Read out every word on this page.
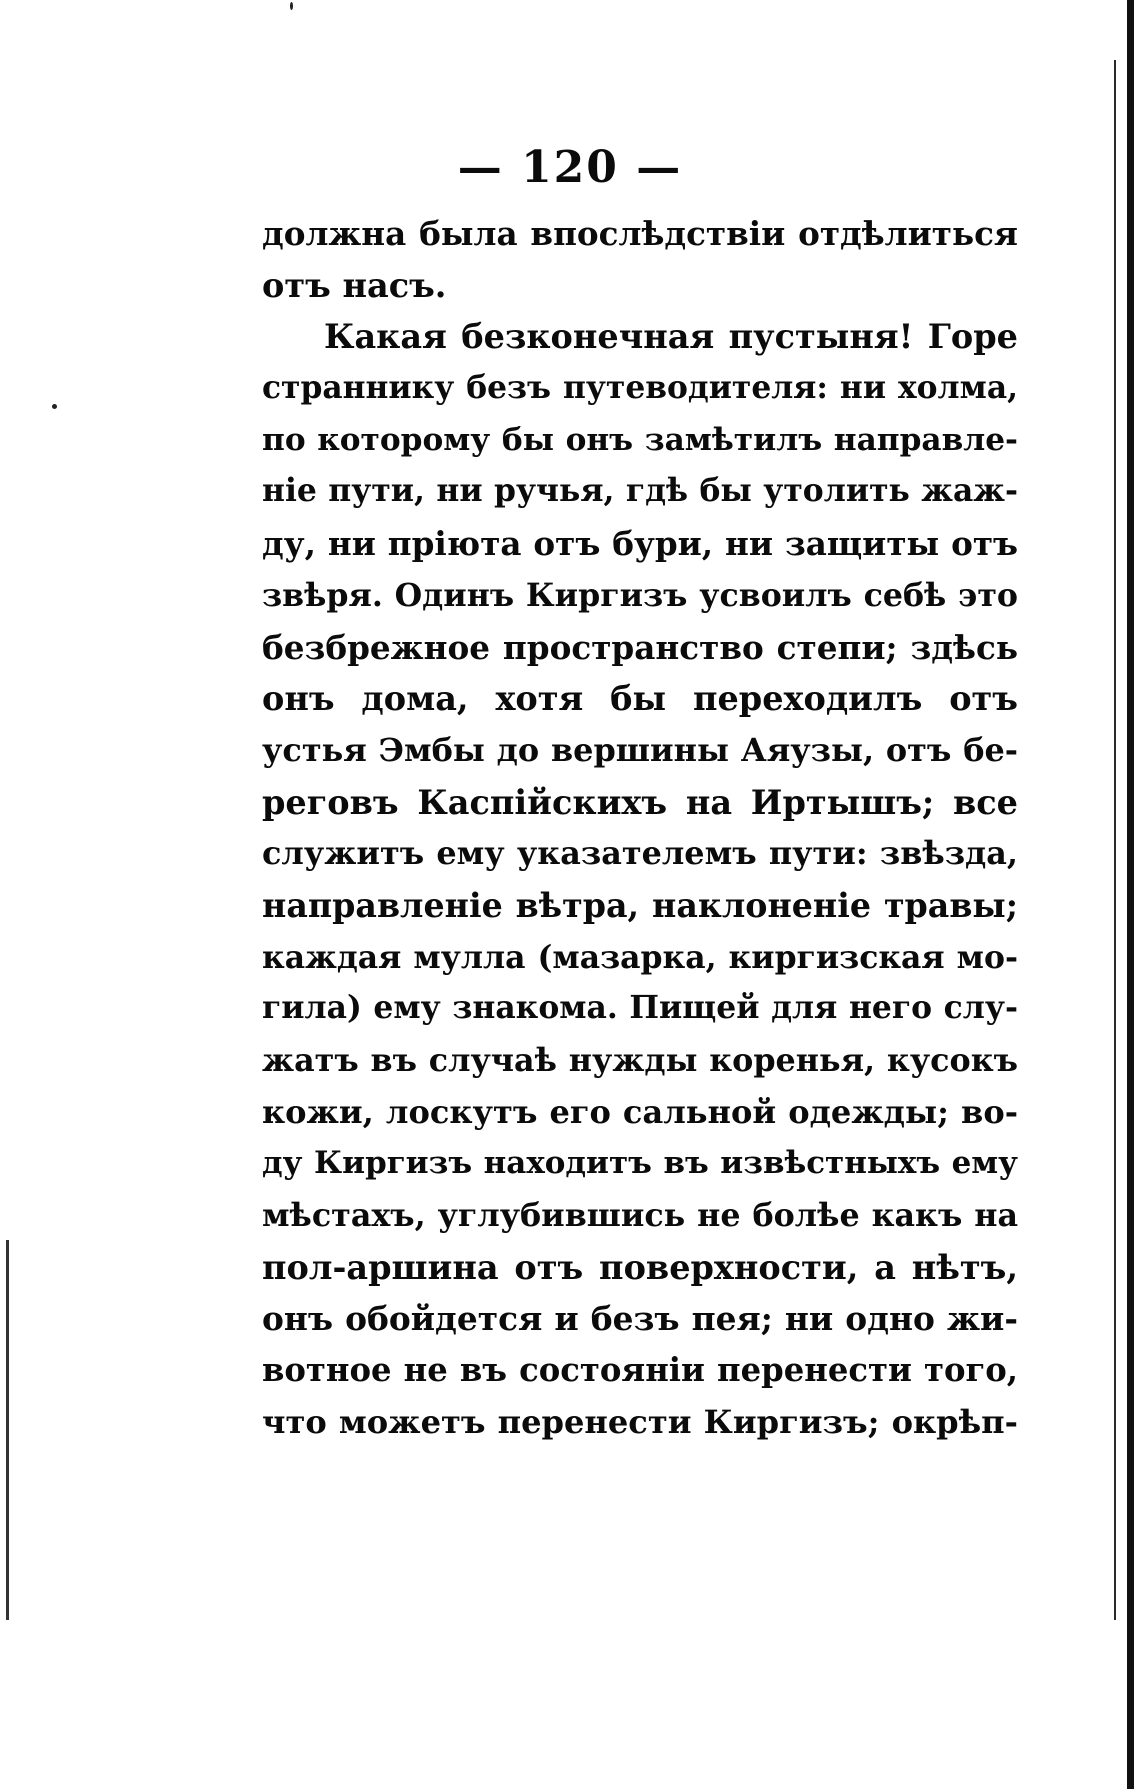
— 120 —
должна была впослѣдствіи отдѣлиться
отъ насъ.
Какая безконечная пустыня! Горе
страннику безъ путеводителя: ни холма,
по которому бы онъ замѣтилъ направле-
ніе пути, ни ручья, гдѣ бы утолить жаж-
ду, ни пріюта отъ бури, ни защиты отъ
звѣря. Одинъ Киргизъ усвоилъ себѣ это
безбрежное пространство степи; здѣсь
онъ дома, хотя бы переходилъ отъ
устья Эмбы до вершины Аяузы, отъ бе-
реговъ Каспійскихъ на Иртышъ; все
служитъ ему указателемъ пути: звѣзда,
направленіе вѣтра, наклоненіе травы;
каждая мулла (мазарка, киргизская мо-
гила) ему знакома. Пищей для него слу-
жатъ въ случаѣ нужды коренья, кусокъ
кожи, лоскутъ его сальной одежды; во-
ду Киргизъ находитъ въ извѣстныхъ ему
мѣстахъ, углубившись не болѣе какъ на
пол-аршина отъ поверхности, а нѣтъ,
онъ обойдется и безъ пея; ни одно жи-
вотное не въ состояніи перенести того,
что можетъ перенести Киргизъ; окрѣп-
